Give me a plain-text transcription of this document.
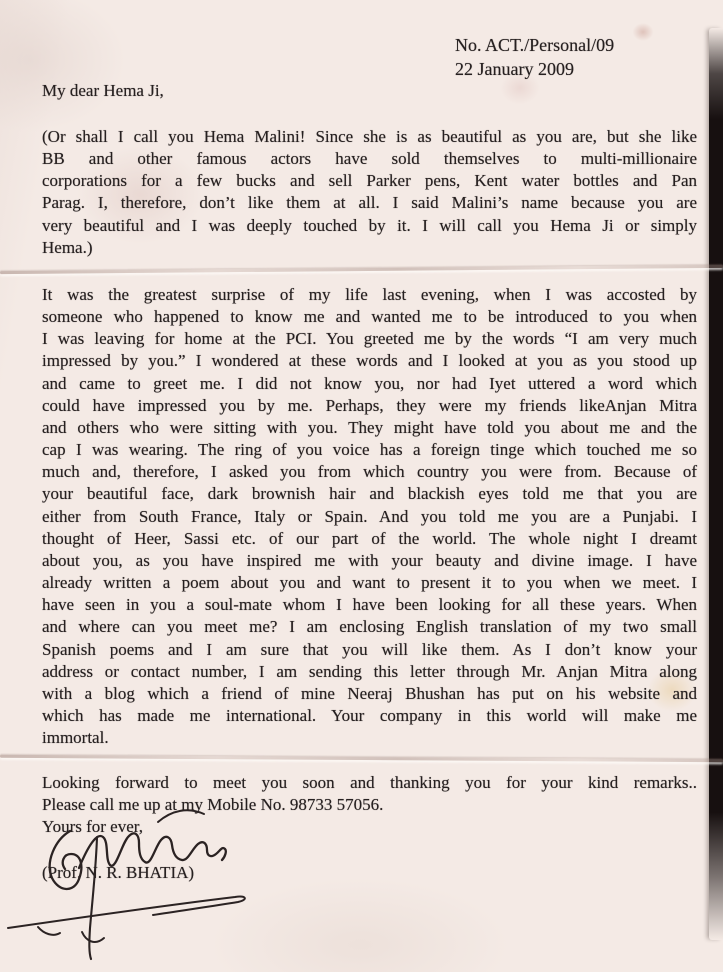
No. ACT./Personal/09
22 January 2009
My dear Hema Ji,
(Or shall I call you Hema Malini! Since she is as beautiful as you are, but she like
BB and other famous actors have sold themselves to multi-millionaire
corporations for a few bucks and sell Parker pens, Kent water bottles and Pan
Parag. I, therefore, don’t like them at all. I said Malini’s name because you are
very beautiful and I was deeply touched by it. I will call you Hema Ji or simply
Hema.)
It was the greatest surprise of my life last evening, when I was accosted by
someone who happened to know me and wanted me to be introduced to you when
I was leaving for home at the PCI. You greeted me by the words “I am very much
impressed by you.” I wondered at these words and I looked at you as you stood up
and came to greet me. I did not know you, nor had Iyet uttered a word which
could have impressed you by me. Perhaps, they were my friends likeAnjan Mitra
and others who were sitting with you. They might have told you about me and the
cap I was wearing. The ring of you voice has a foreign tinge which touched me so
much and, therefore, I asked you from which country you were from. Because of
your beautiful face, dark brownish hair and blackish eyes told me that you are
either from South France, Italy or Spain. And you told me you are a Punjabi. I
thought of Heer, Sassi etc. of our part of the world. The whole night I dreamt
about you, as you have inspired me with your beauty and divine image. I have
already written a poem about you and want to present it to you when we meet. I
have seen in you a soul-mate whom I have been looking for all these years. When
and where can you meet me? I am enclosing English translation of my two small
Spanish poems and I am sure that you will like them. As I don’t know your
address or contact number, I am sending this letter through Mr. Anjan Mitra along
with a blog which a friend of mine Neeraj Bhushan has put on his website and
which has made me international. Your company in this world will make me
immortal.
Looking forward to meet you soon and thanking you for your kind remarks..
Please call me up at my Mobile No. 98733 57056.
Yours for ever,
(Prof. N. R. BHATIA)
